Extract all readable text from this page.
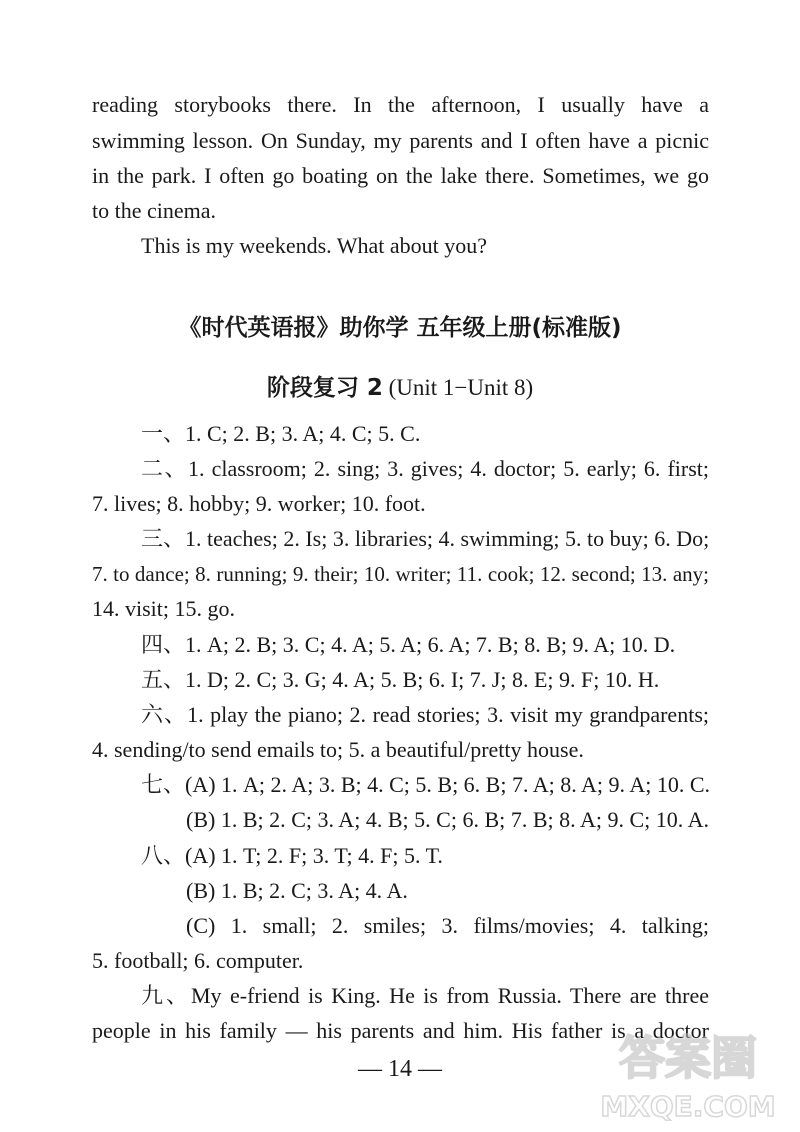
reading storybooks there. In the afternoon, I usually have a
swimming lesson. On Sunday, my parents and I often have a picnic
in the park. I often go boating on the lake there. Sometimes, we go
to the cinema.
This is my weekends. What about you?
《时代英语报》助你学 五年级上册(标准版)
阶段复习 2 (Unit 1−Unit 8)
一、1. C; 2. B; 3. A; 4. C; 5. C.
二、1. classroom; 2. sing; 3. gives; 4. doctor; 5. early; 6. first;
7. lives; 8. hobby; 9. worker; 10. foot.
三、1. teaches; 2. Is; 3. libraries; 4. swimming; 5. to buy; 6. Do;
7. to dance; 8. running; 9. their; 10. writer; 11. cook; 12. second; 13. any;
14. visit; 15. go.
四、1. A; 2. B; 3. C; 4. A; 5. A; 6. A; 7. B; 8. B; 9. A; 10. D.
五、1. D; 2. C; 3. G; 4. A; 5. B; 6. I; 7. J; 8. E; 9. F; 10. H.
六、1. play the piano; 2. read stories; 3. visit my grandparents;
4. sending/to send emails to; 5. a beautiful/pretty house.
七、(A) 1. A; 2. A; 3. B; 4. C; 5. B; 6. B; 7. A; 8. A; 9. A; 10. C.
(B) 1. B; 2. C; 3. A; 4. B; 5. C; 6. B; 7. B; 8. A; 9. C; 10. A.
八、(A) 1. T; 2. F; 3. T; 4. F; 5. T.
(B) 1. B; 2. C; 3. A; 4. A.
(C) 1. small; 2. smiles; 3. films/movies; 4. talking;
5. football; 6. computer.
九、My e-friend is King. He is from Russia. There are three
people in his family — his parents and him. His father is a doctor
— 14 —	答案圈
MXQE.COM
